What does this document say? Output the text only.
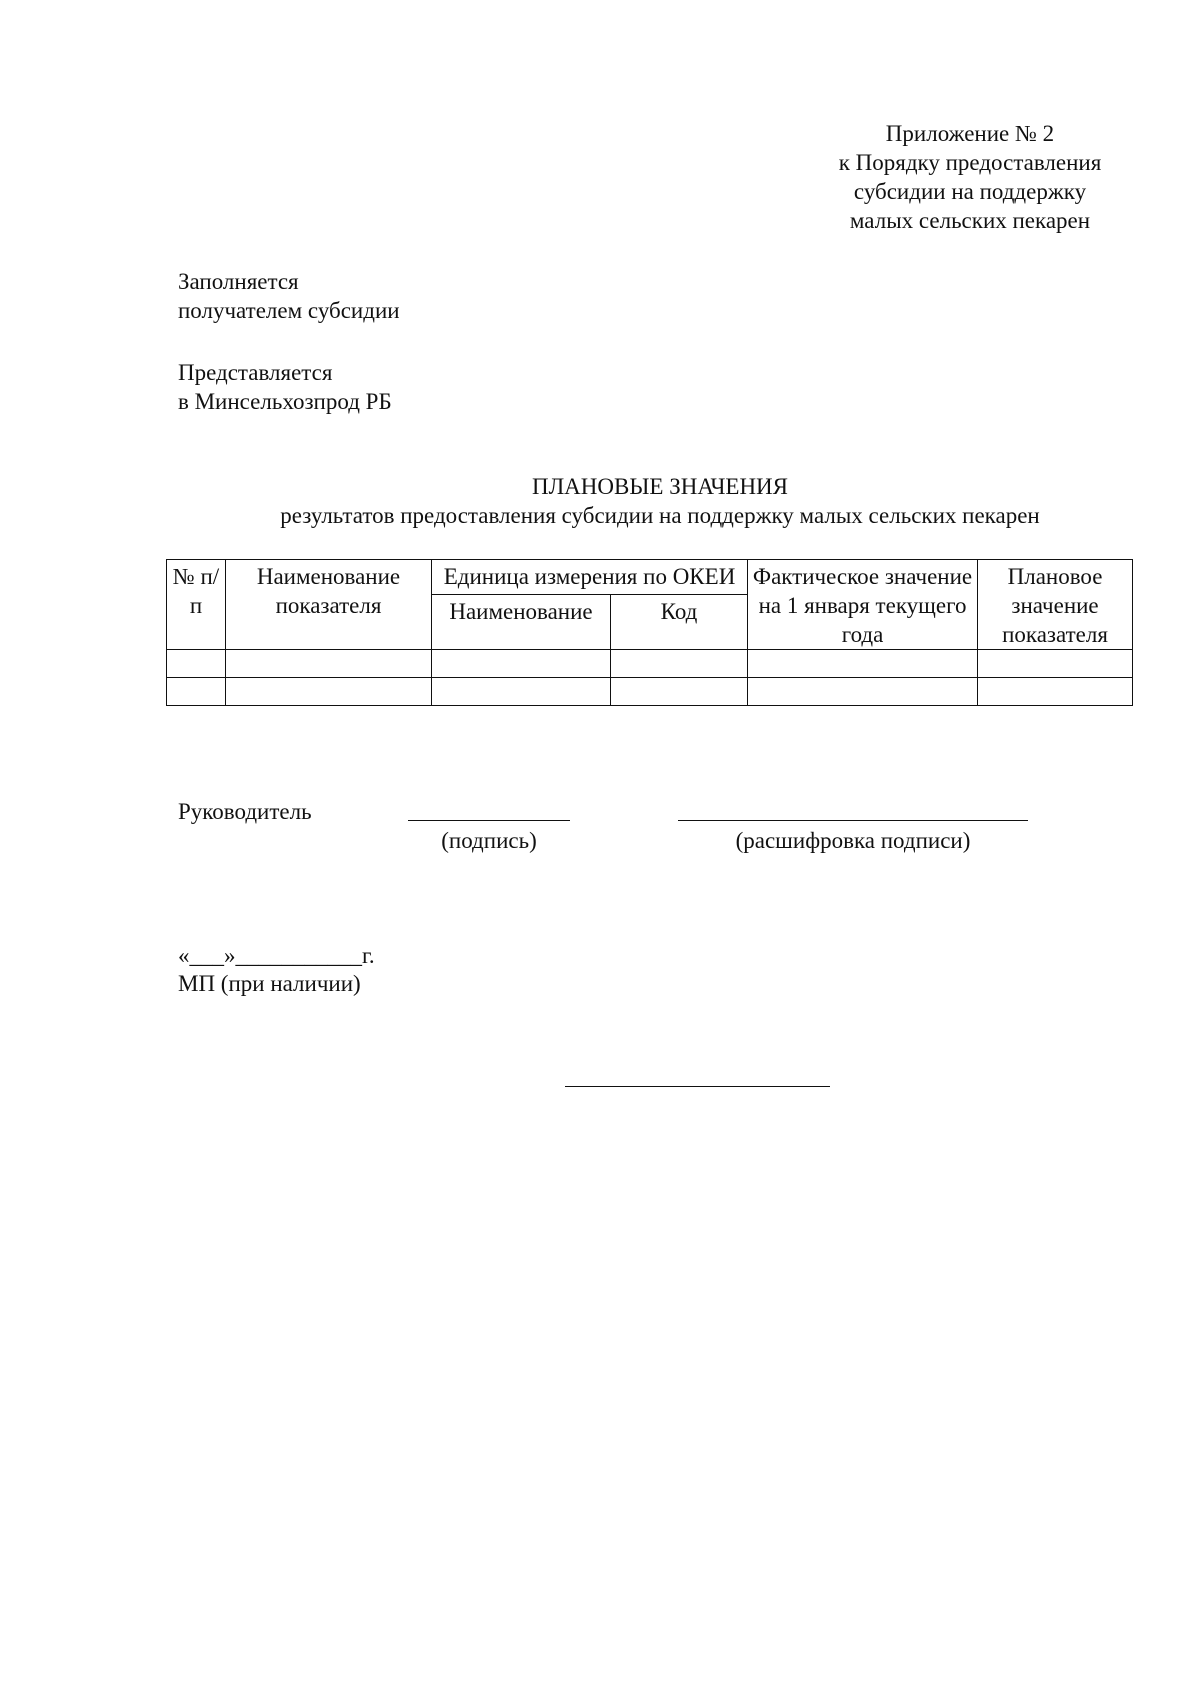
Приложение № 2
к Порядку предоставления
субсидии на поддержку
малых сельских пекарен
Заполняется
получателем субсидии
Представляется
в Минсельхозпрод РБ
ПЛАНОВЫЕ ЗНАЧЕНИЯ
результатов предоставления субсидии на поддержку малых сельских пекарен
№ п/п	Наименование показателя	Единица измерения по ОКЕИ		Фактическое значение на 1 января текущего года	Плановое значение показателя
		Наименование	Код		

Руководитель
(подпись)	(расшифровка подписи)
«___»___________г.
МП (при наличии)
